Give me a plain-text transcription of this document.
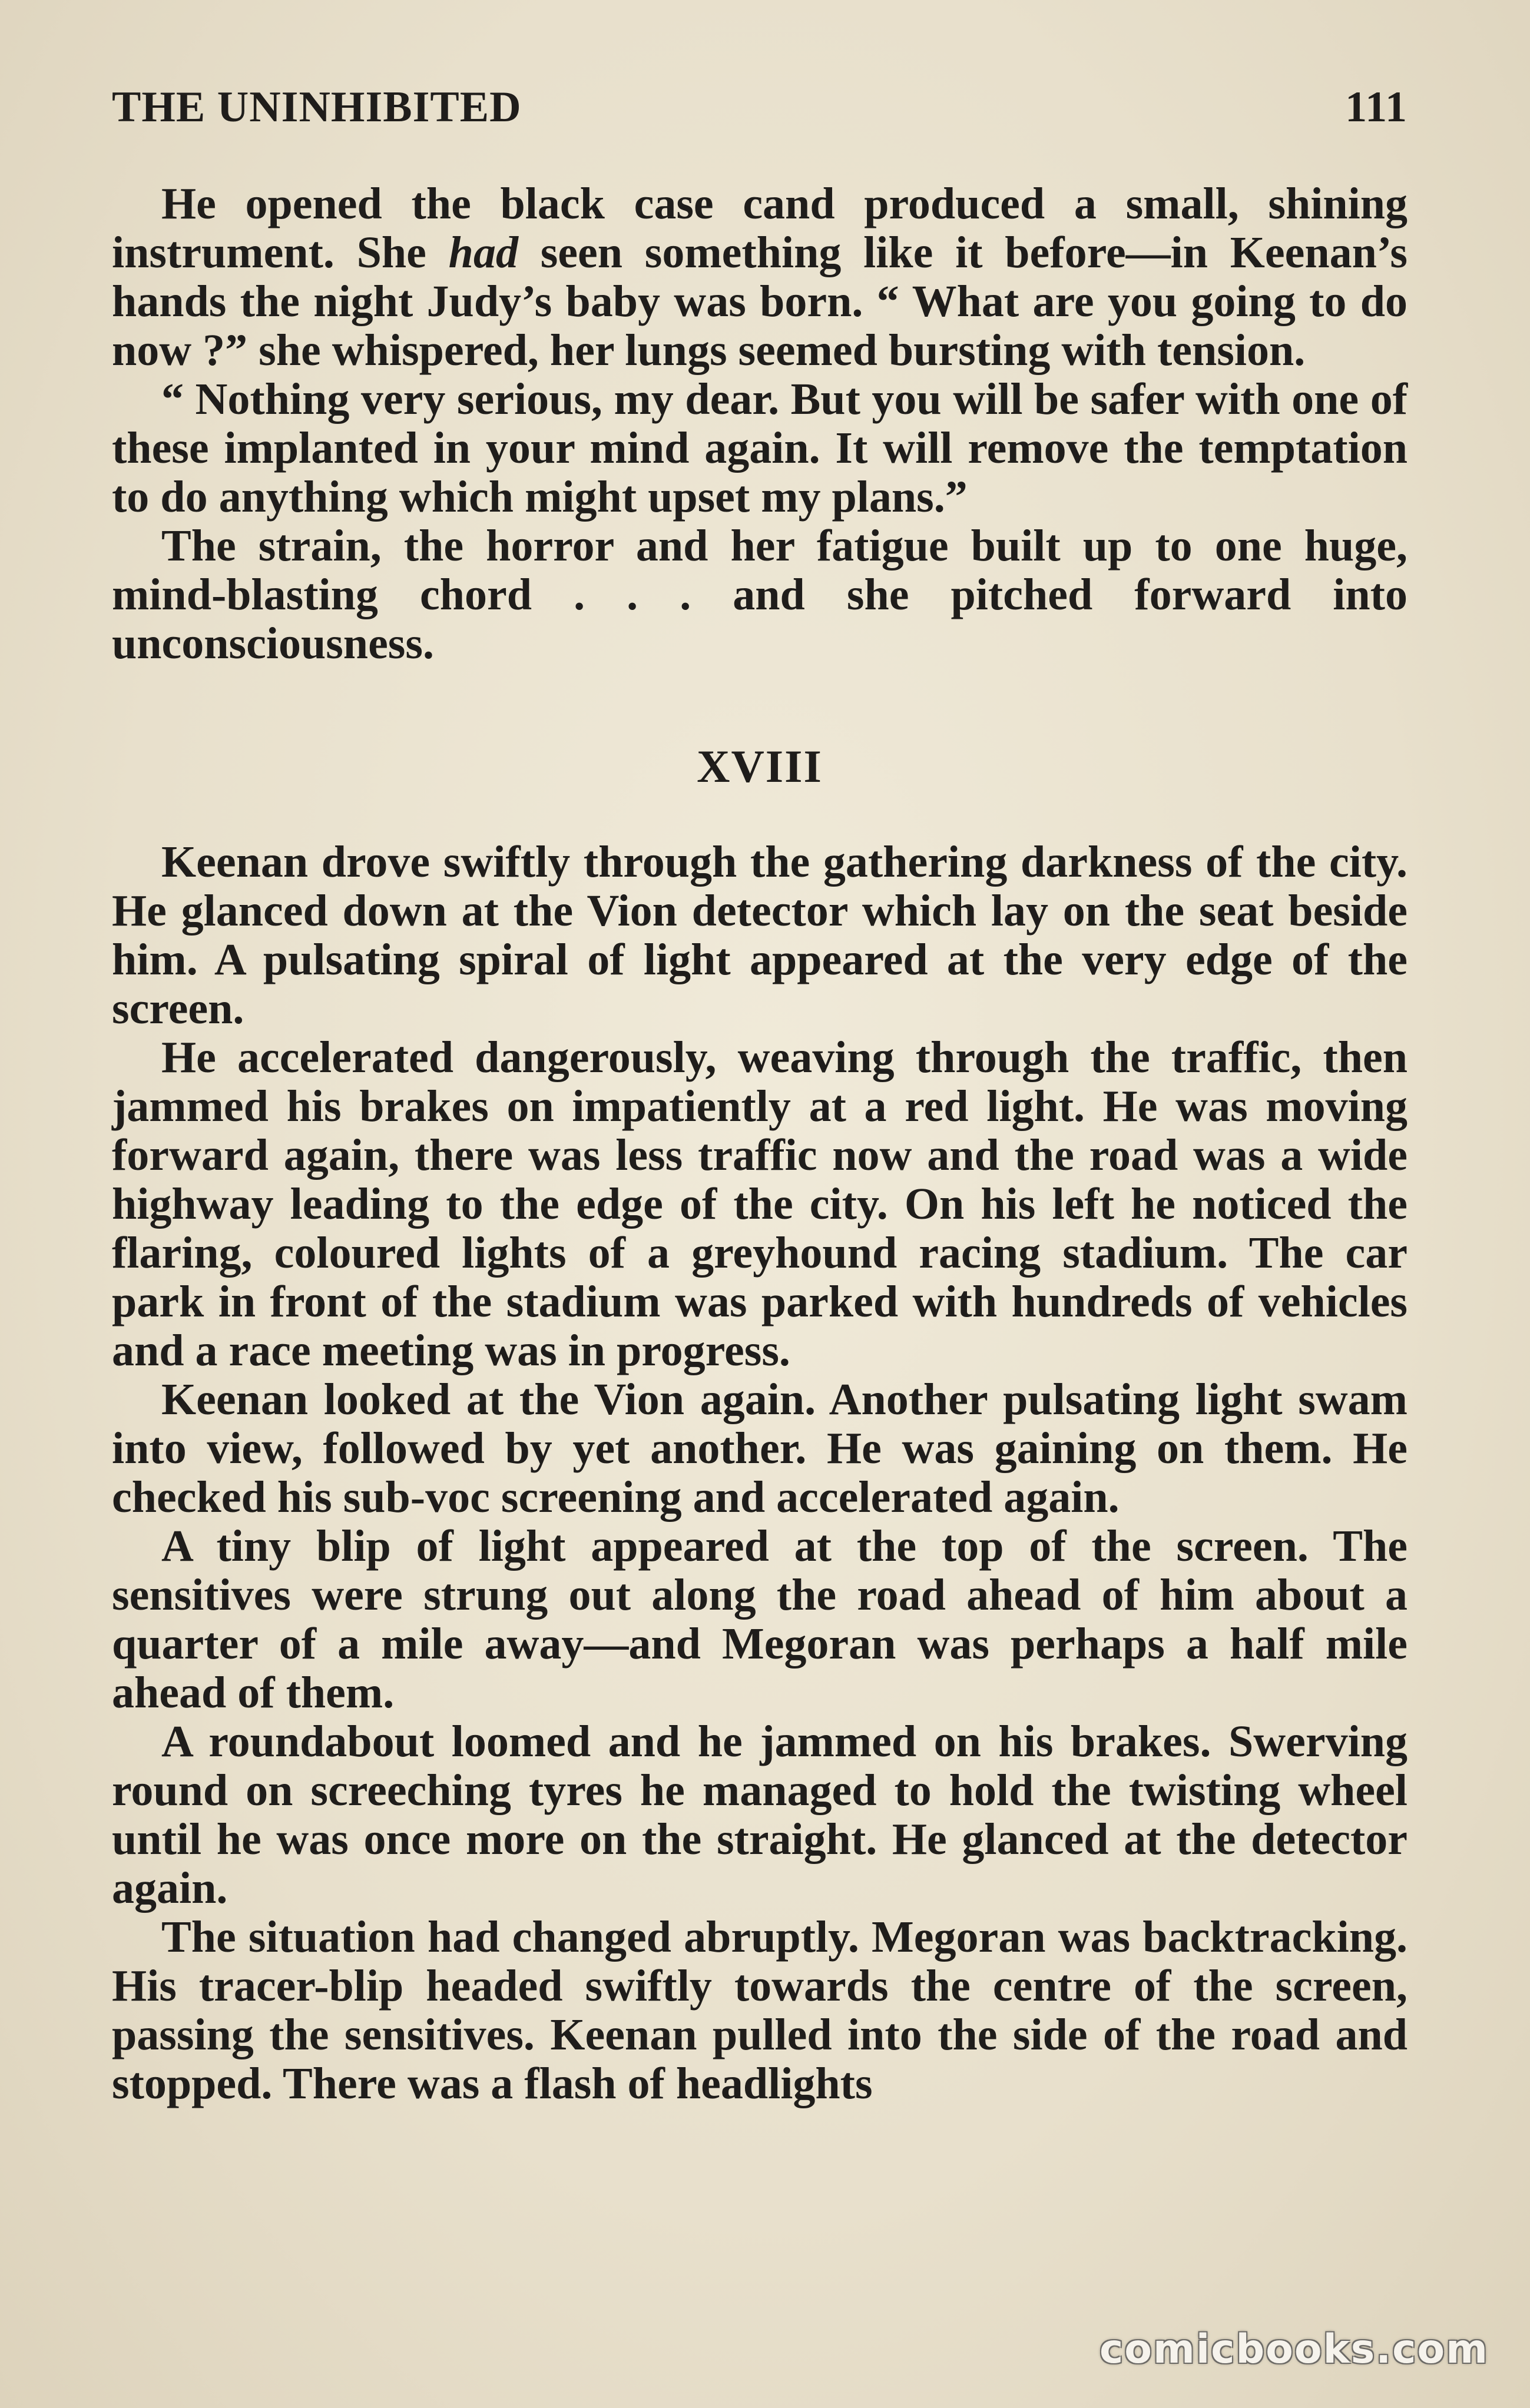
THE UNINHIBITED	111

He opened the black case cand produced a small, shining instrument. She had seen something like it before—in Keenan’s hands the night Judy’s baby was born. “ What are you going to do now ?” she whispered, her lungs seemed bursting with tension.

“ Nothing very serious, my dear. But you will be safer with one of these implanted in your mind again. It will remove the temptation to do anything which might upset my plans.”

The strain, the horror and her fatigue built up to one huge, mind-blasting chord . . . and she pitched forward into unconsciousness.

XVIII

Keenan drove swiftly through the gathering darkness of the city. He glanced down at the Vion detector which lay on the seat beside him. A pulsating spiral of light appeared at the very edge of the screen.

He accelerated dangerously, weaving through the traffic, then jammed his brakes on impatiently at a red light. He was moving forward again, there was less traffic now and the road was a wide highway leading to the edge of the city. On his left he noticed the flaring, coloured lights of a greyhound racing stadium. The car park in front of the stadium was parked with hundreds of vehicles and a race meeting was in progress.

Keenan looked at the Vion again. Another pulsating light swam into view, followed by yet another. He was gaining on them. He checked his sub-voc screening and accelerated again.

A tiny blip of light appeared at the top of the screen. The sensitives were strung out along the road ahead of him about a quarter of a mile away—and Megoran was perhaps a half mile ahead of them.

A roundabout loomed and he jammed on his brakes. Swerving round on screeching tyres he managed to hold the twisting wheel until he was once more on the straight. He glanced at the detector again.

The situation had changed abruptly. Megoran was backtracking. His tracer-blip headed swiftly towards the centre of the screen, passing the sensitives. Keenan pulled into the side of the road and stopped. There was a flash of headlights

comicbooks.com
